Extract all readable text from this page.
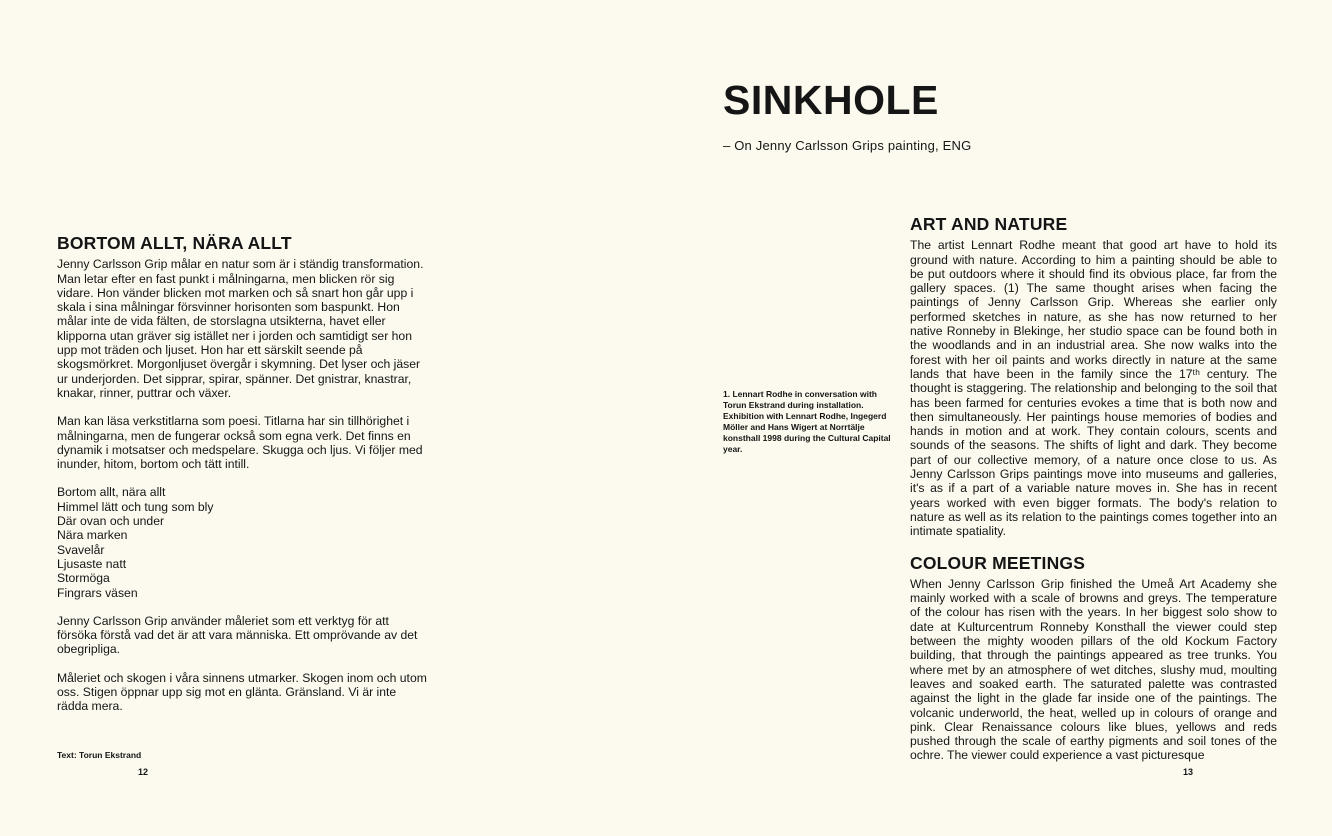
SINKHOLE

– On Jenny Carlsson Grips painting, ENG

BORTOM ALLT, NÄRA ALLT

Jenny Carlsson Grip målar en natur som är i ständig transformation. Man letar efter en fast punkt i målningarna, men blicken rör sig vidare. Hon vänder blicken mot marken och så snart hon går upp i skala i sina målningar försvinner horisonten som baspunkt. Hon målar inte de vida fälten, de storslagna utsikterna, havet eller klipporna utan gräver sig istället ner i jorden och samtidigt ser hon upp mot träden och ljuset. Hon har ett särskilt seende på skogsmörkret. Morgonljuset övergår i skymning. Det lyser och jäser ur underjorden. Det sipprar, spirar, spänner. Det gnistrar, knastrar, knakar, rinner, puttrar och växer.

Man kan läsa verkstitlarna som poesi. Titlarna har sin tillhörighet i målningarna, men de fungerar också som egna verk. Det finns en dynamik i motsatser och medspelare. Skugga och ljus. Vi följer med inunder, hitom, bortom och tätt intill.

Bortom allt, nära allt
Himmel lätt och tung som bly
Där ovan och under
Nära marken
Svavelår
Ljusaste natt
Stormöga
Fingrars väsen

Jenny Carlsson Grip använder måleriet som ett verktyg för att försöka förstå vad det är att vara människa. Ett omprövande av det obegripliga.

Måleriet och skogen i våra sinnens utmarker. Skogen inom och utom oss. Stigen öppnar upp sig mot en glänta. Gränsland. Vi är inte rädda mera.

Text: Torun Ekstrand

1. Lennart Rodhe in conversation with Torun Ekstrand during installation. Exhibition with Lennart Rodhe, Ingegerd Möller and Hans Wigert at Norrtälje konsthall 1998 during the Cultural Capital year.
ART AND NATURE

The artist Lennart Rodhe meant that good art have to hold its ground with nature. According to him a painting should be able to be put outdoors where it should find its obvious place, far from the gallery spaces. (1) The same thought arises when facing the paintings of Jenny Carlsson Grip. Whereas she earlier only performed sketches in nature, as she has now returned to her native Ronneby in Blekinge, her studio space can be found both in the woodlands and in an industrial area. She now walks into the forest with her oil paints and works directly in nature at the same lands that have been in the family since the 17ᵗʰ century. The thought is staggering. The relationship and belonging to the soil that has been farmed for centuries evokes a time that is both now and then simultaneously. Her paintings house memories of bodies and hands in motion and at work. They contain colours, scents and sounds of the seasons. The shifts of light and dark. They become part of our collective memory, of a nature once close to us. As Jenny Carlsson Grips paintings move into museums and galleries, it's as if a part of a variable nature moves in. She has in recent years worked with even bigger formats. The body's relation to nature as well as its relation to the paintings comes together into an intimate spatiality.

COLOUR MEETINGS

When Jenny Carlsson Grip finished the Umeå Art Academy she mainly worked with a scale of browns and greys. The temperature of the colour has risen with the years. In her biggest solo show to date at Kulturcentrum Ronneby Konsthall the viewer could step between the mighty wooden pillars of the old Kockum Factory building, that through the paintings appeared as tree trunks. You where met by an atmosphere of wet ditches, slushy mud, moulting leaves and soaked earth. The saturated palette was contrasted against the light in the glade far inside one of the paintings. The volcanic underworld, the heat, welled up in colours of orange and pink. Clear Renaissance colours like blues, yellows and reds pushed through the scale of earthy pigments and soil tones of the ochre. The viewer could experience a vast picturesque

12	13
